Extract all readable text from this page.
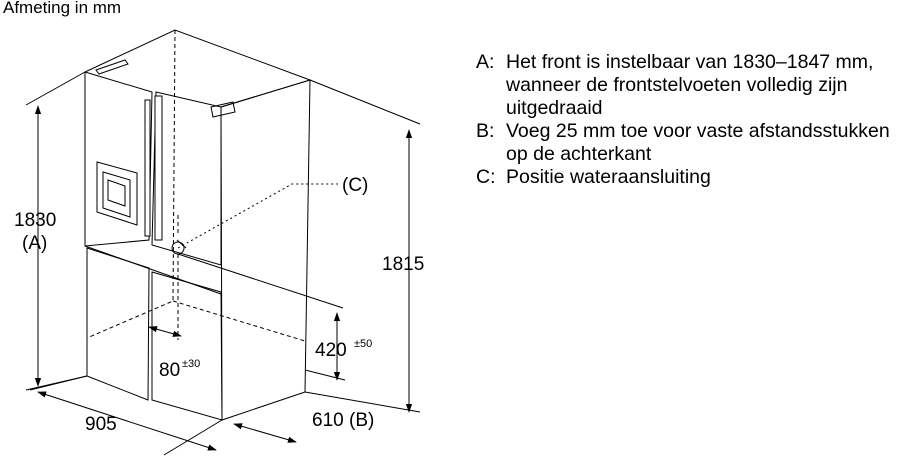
Afmeting in mm
1830
(A)
1815
905	610 (B)
420 ±50
80 ±30
(C)
A: Het front is instelbaar van 1830–1847 mm, wanneer de frontstelvoeten volledig zijn uitgedraaid
B: Voeg 25 mm toe voor vaste afstandsstukken op de achterkant
C: Positie wateraansluiting
